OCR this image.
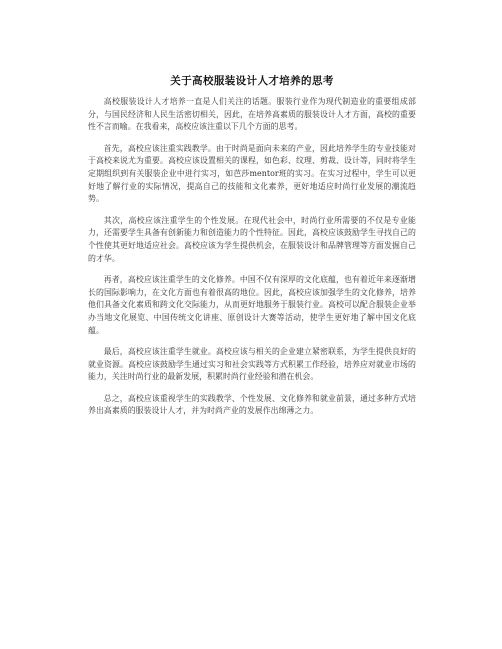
关于高校服装设计人才培养的思考

高校服装设计人才培养一直是人们关注的话题。服装行业作为现代制造业的重要组成部分，与国民经济和人民生活密切相关，因此，在培养高素质的服装设计人才方面，高校的重要性不言而喻。在我看来，高校应该注重以下几个方面的思考。

首先，高校应该注重实践教学。由于时尚是面向未来的产业，因此培养学生的专业技能对于高校来说尤为重要。高校应该设置相关的课程，如色彩、纹理、剪裁、设计等，同时将学生定期组织到有关服装企业中进行实习，如芭莎mentor班的实习。在实习过程中，学生可以更好地了解行业的实际情况，提高自己的技能和文化素养，更好地适应时尚行业发展的潮流趋势。

其次，高校应该注重学生的个性发展。在现代社会中，时尚行业所需要的不仅是专业能力，还需要学生具备有创新能力和创造能力的个性特征。因此，高校应该鼓励学生寻找自己的个性使其更好地适应社会。高校应该为学生提供机会，在服装设计和品牌管理等方面发掘自己的才华。

再者，高校应该注重学生的文化修养。中国不仅有深厚的文化底蕴，也有着近年来逐渐增长的国际影响力，在文化方面也有着很高的地位。因此，高校应该加强学生的文化修养，培养他们具备文化素质和跨文化交际能力，从而更好地服务于服装行业。高校可以配合服装企业举办当地文化展览、中国传统文化讲座、原创设计大赛等活动，使学生更好地了解中国文化底蕴。

最后，高校应该注重学生就业。高校应该与相关的企业建立紧密联系，为学生提供良好的就业资源。高校应该鼓励学生通过实习和社会实践等方式积累工作经验，培养应对就业市场的能力，关注时尚行业的最新发展，积累时尚行业经验和潜在机会。

总之，高校应该重视学生的实践教学、个性发展、文化修养和就业前景，通过多种方式培养出高素质的服装设计人才，并为时尚产业的发展作出绵薄之力。
